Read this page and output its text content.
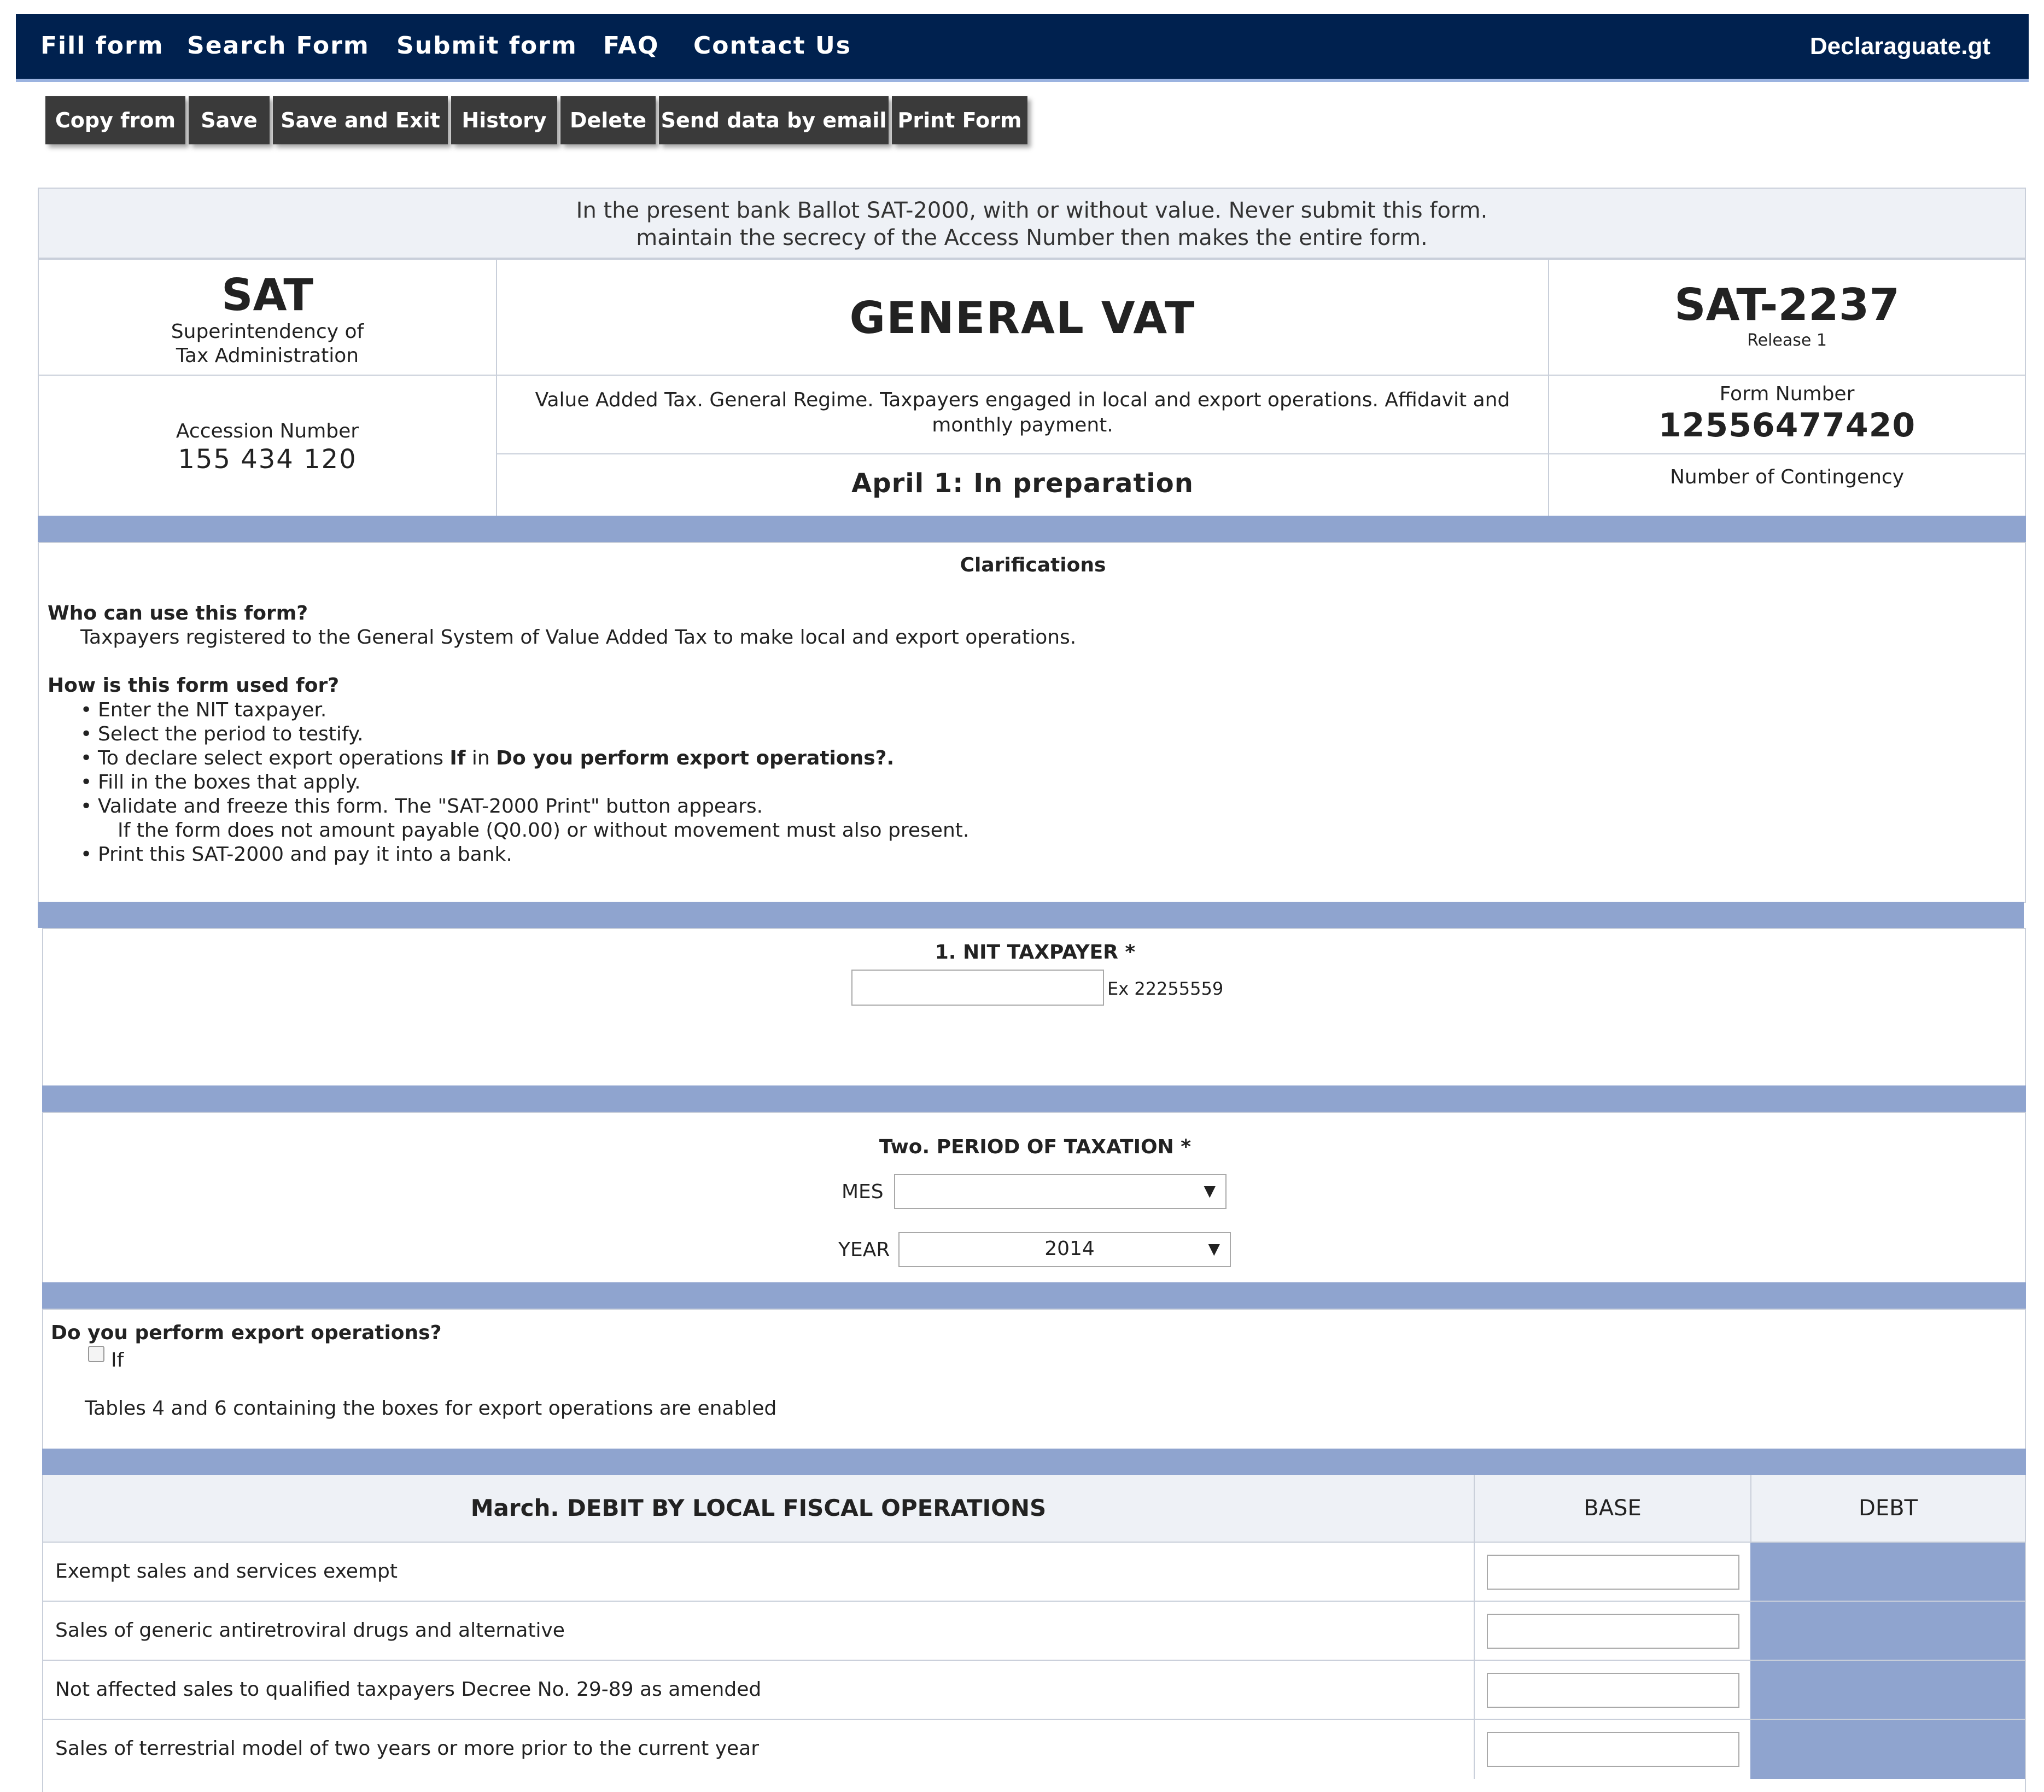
Fill form Search Form Submit form FAQ Contact Us	Declaraguate.gt
Copy from	Save	Save and Exit	History	Delete Send data by email Print Form
In the present bank Ballot SAT-2000, with or without value. Never submit this form.
maintain the secrecy of the Access Number then makes the entire form.
SAT
Superintendency of
Tax Administration
GENERAL VAT	SAT-2237
Release 1
Accession Number
155 434 120
Value Added Tax. General Regime. Taxpayers engaged in local and export operations. Affidavit and monthly payment.
April 1: In preparation
Form Number
12556477420
Number of Contingency
Clarifications
Who can use this form?
Taxpayers registered to the General System of Value Added Tax to make local and export operations.
How is this form used for?
• Enter the NIT taxpayer.
• Select the period to testify.
• To declare select export operations If in Do you perform export operations?.
• Fill in the boxes that apply.
• Validate and freeze this form. The "SAT-2000 Print" button appears.
If the form does not amount payable (Q0.00) or without movement must also present.
• Print this SAT-2000 and pay it into a bank.
1. NIT TAXPAYER *
Ex 22255559
Two. PERIOD OF TAXATION *
MES	▼
YEAR	2014	▼
Do you perform export operations?
If
Tables 4 and 6 containing the boxes for export operations are enabled
March. DEBIT BY LOCAL FISCAL OPERATIONS	BASE	DEBT
Exempt sales and services exempt
Sales of generic antiretroviral drugs and alternative
Not affected sales to qualified taxpayers Decree No. 29-89 as amended
Sales of terrestrial model of two years or more prior to the current year
